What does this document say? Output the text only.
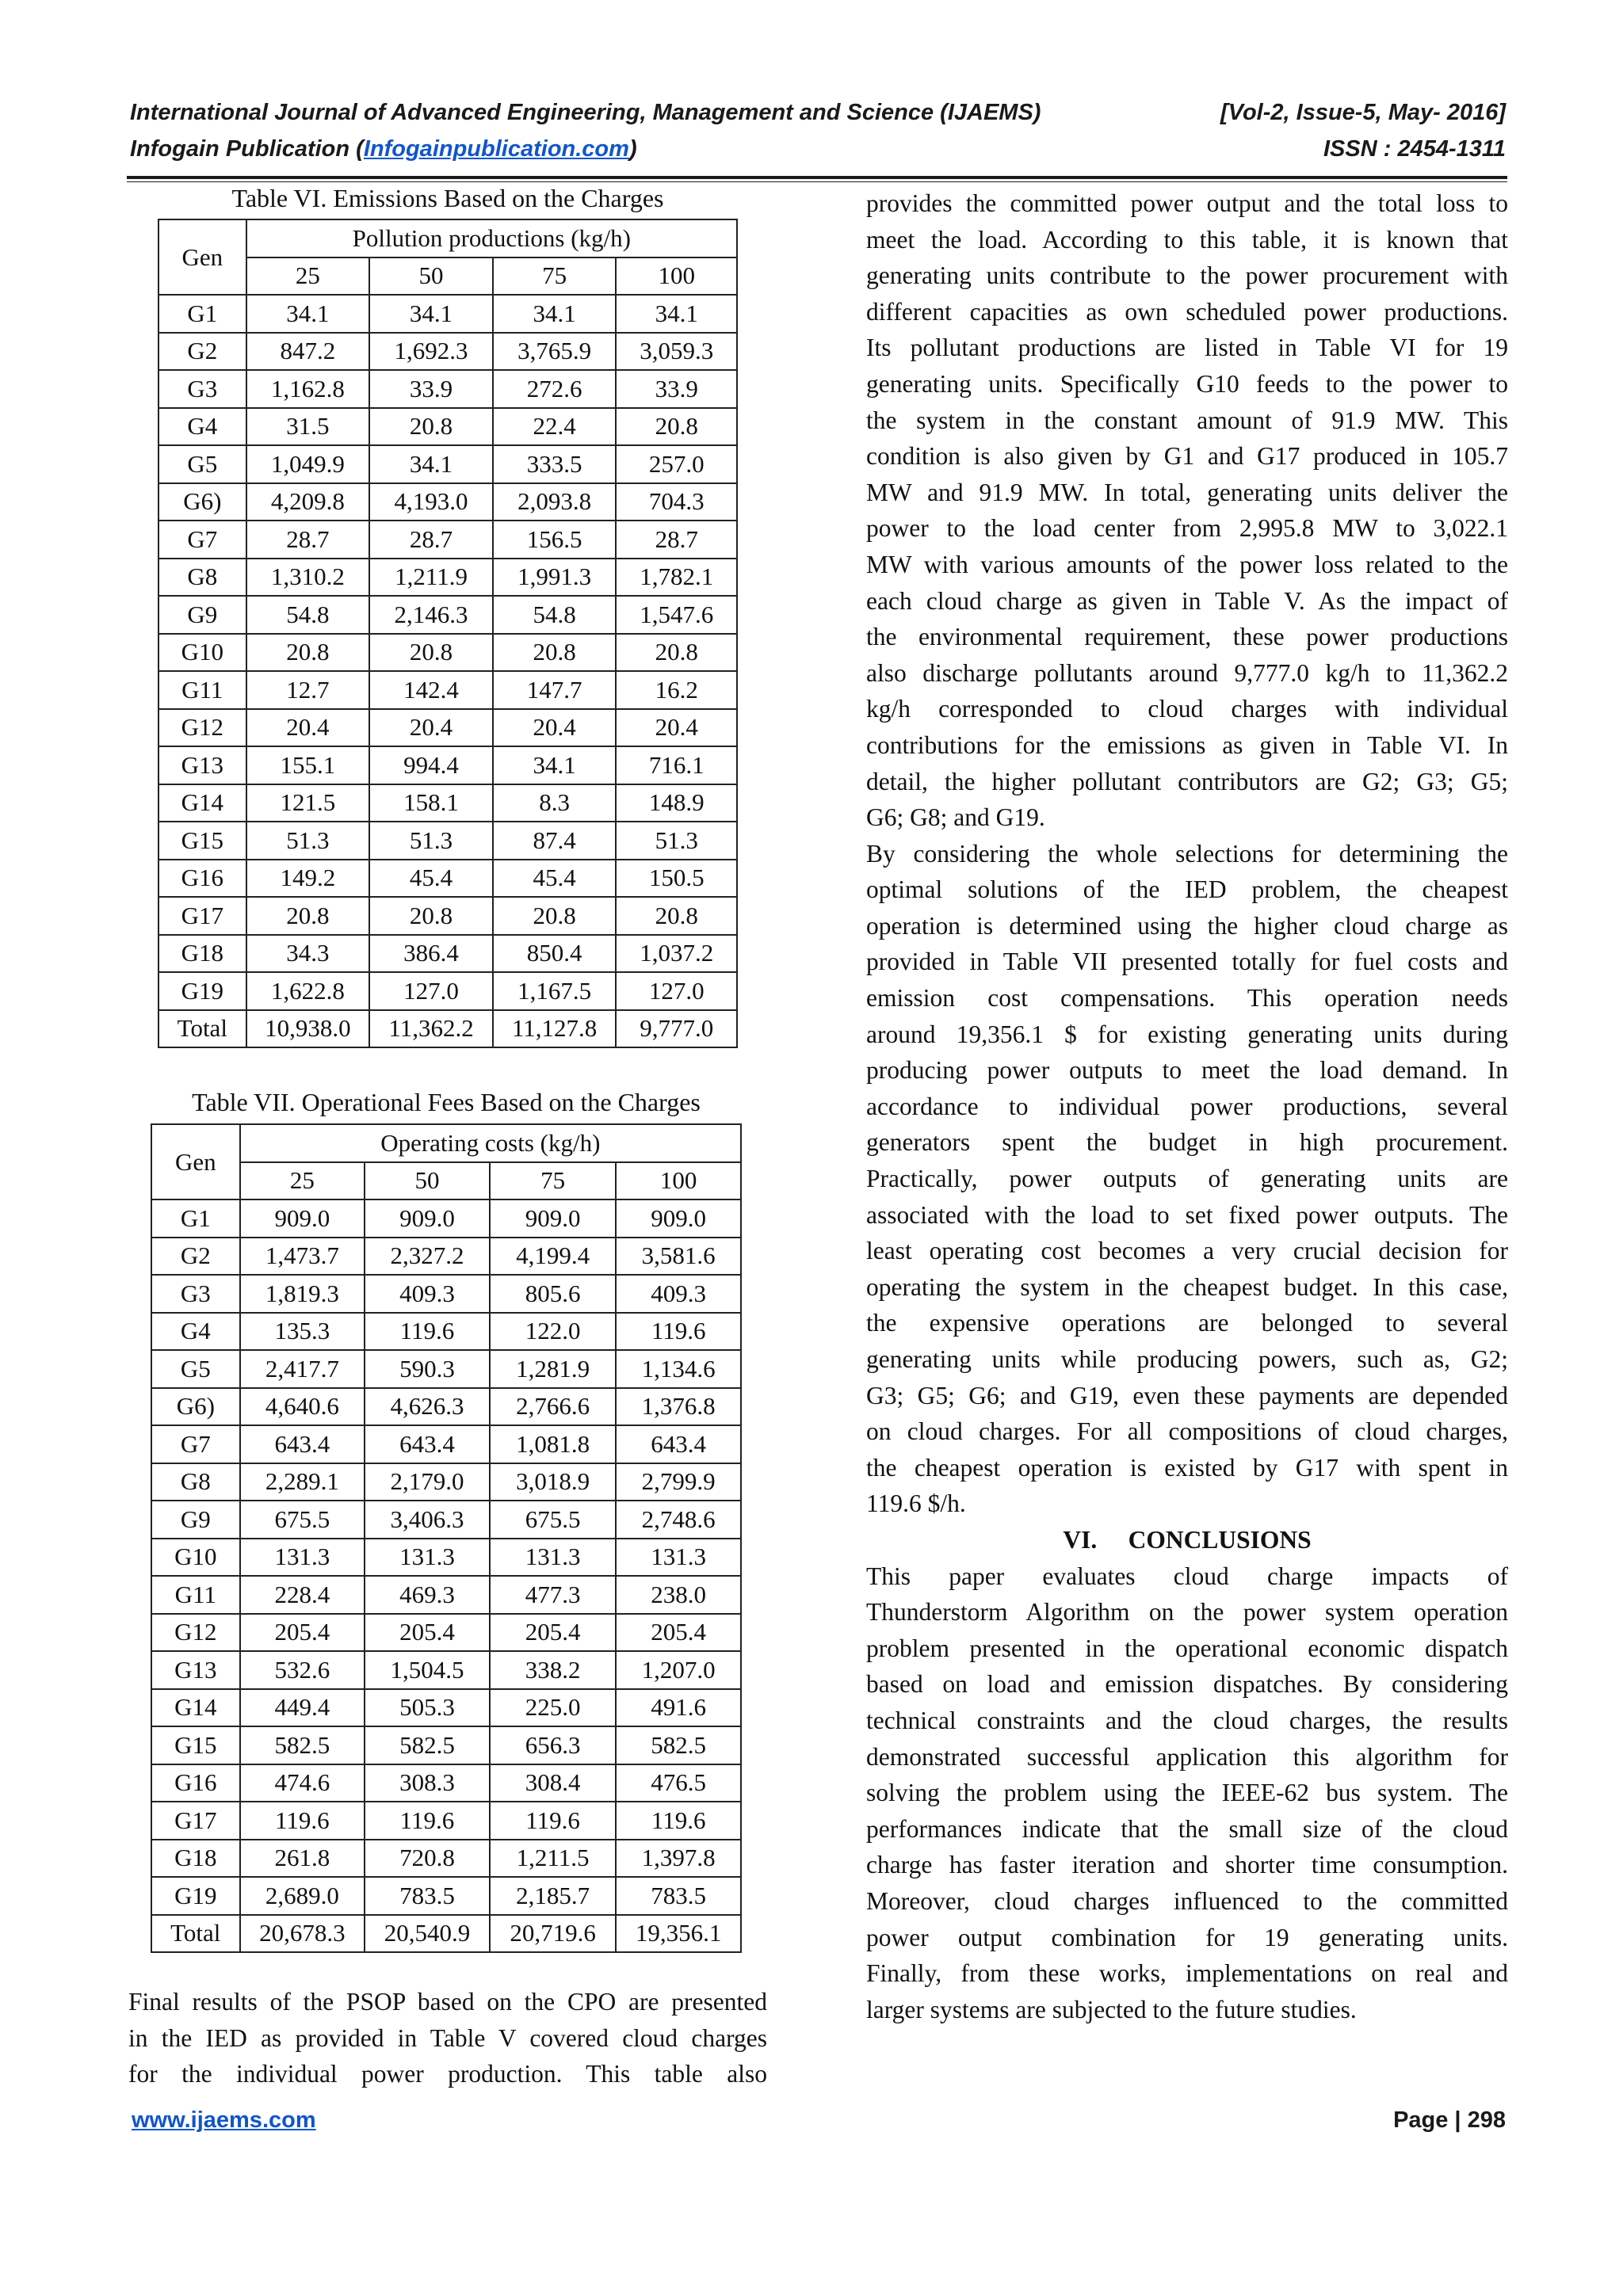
International Journal of Advanced Engineering, Management and Science (IJAEMS)	[Vol-2, Issue-5, May- 2016]
Infogain Publication (Infogainpublication.com)	ISSN : 2454-1311
Table VI. Emissions Based on the Charges
Gen	Pollution productions (kg/h)			
	25	50	75	100
G1	34.1	34.1	34.1	34.1
G2	847.2	1,692.3	3,765.9	3,059.3
G3	1,162.8	33.9	272.6	33.9
G4	31.5	20.8	22.4	20.8
G5	1,049.9	34.1	333.5	257.0
G6)	4,209.8	4,193.0	2,093.8	704.3
G7	28.7	28.7	156.5	28.7
G8	1,310.2	1,211.9	1,991.3	1,782.1
G9	54.8	2,146.3	54.8	1,547.6
G10	20.8	20.8	20.8	20.8
G11	12.7	142.4	147.7	16.2
G12	20.4	20.4	20.4	20.4
G13	155.1	994.4	34.1	716.1
G14	121.5	158.1	8.3	148.9
G15	51.3	51.3	87.4	51.3
G16	149.2	45.4	45.4	150.5
G17	20.8	20.8	20.8	20.8
G18	34.3	386.4	850.4	1,037.2
G19	1,622.8	127.0	1,167.5	127.0
Total	10,938.0	11,362.2	11,127.8	9,777.0
Table VII. Operational Fees Based on the Charges
Gen	Operating costs (kg/h)			
	25	50	75	100
G1	909.0	909.0	909.0	909.0
G2	1,473.7	2,327.2	4,199.4	3,581.6
G3	1,819.3	409.3	805.6	409.3
G4	135.3	119.6	122.0	119.6
G5	2,417.7	590.3	1,281.9	1,134.6
G6)	4,640.6	4,626.3	2,766.6	1,376.8
G7	643.4	643.4	1,081.8	643.4
G8	2,289.1	2,179.0	3,018.9	2,799.9
G9	675.5	3,406.3	675.5	2,748.6
G10	131.3	131.3	131.3	131.3
G11	228.4	469.3	477.3	238.0
G12	205.4	205.4	205.4	205.4
G13	532.6	1,504.5	338.2	1,207.0
G14	449.4	505.3	225.0	491.6
G15	582.5	582.5	656.3	582.5
G16	474.6	308.3	308.4	476.5
G17	119.6	119.6	119.6	119.6
G18	261.8	720.8	1,211.5	1,397.8
G19	2,689.0	783.5	2,185.7	783.5
Total	20,678.3	20,540.9	20,719.6	19,356.1
Final results of the PSOP based on the CPO are presented
in the IED as provided in Table V covered cloud charges
for the individual power production. This table also
provides the committed power output and the total loss to
meet the load. According to this table, it is known that
generating units contribute to the power procurement with
different capacities as own scheduled power productions.
Its pollutant productions are listed in Table VI for 19
generating units. Specifically G10 feeds to the power to
the system in the constant amount of 91.9 MW. This
condition is also given by G1 and G17 produced in 105.7
MW and 91.9 MW. In total, generating units deliver the
power to the load center from 2,995.8 MW to 3,022.1
MW with various amounts of the power loss related to the
each cloud charge as given in Table V. As the impact of
the environmental requirement, these power productions
also discharge pollutants around 9,777.0 kg/h to 11,362.2
kg/h corresponded to cloud charges with individual
contributions for the emissions as given in Table VI. In
detail, the higher pollutant contributors are G2; G3; G5;
G6; G8; and G19.
By considering the whole selections for determining the
optimal solutions of the IED problem, the cheapest
operation is determined using the higher cloud charge as
provided in Table VII presented totally for fuel costs and
emission cost compensations. This operation needs
around 19,356.1 $ for existing generating units during
producing power outputs to meet the load demand. In
accordance to individual power productions, several
generators spent the budget in high procurement.
Practically, power outputs of generating units are
associated with the load to set fixed power outputs. The
least operating cost becomes a very crucial decision for
operating the system in the cheapest budget. In this case,
the expensive operations are belonged to several
generating units while producing powers, such as, G2;
G3; G5; G6; and G19, even these payments are depended
on cloud charges. For all compositions of cloud charges,
the cheapest operation is existed by G17 with spent in
119.6 $/h.
VI.     CONCLUSIONS
This paper evaluates cloud charge impacts of
Thunderstorm Algorithm on the power system operation
problem presented in the operational economic dispatch
based on load and emission dispatches. By considering
technical constraints and the cloud charges, the results
demonstrated successful application this algorithm for
solving the problem using the IEEE-62 bus system. The
performances indicate that the small size of the cloud
charge has faster iteration and shorter time consumption.
Moreover, cloud charges influenced to the committed
power output combination for 19 generating units.
Finally, from these works, implementations on real and
larger systems are subjected to the future studies.
www.ijaems.com	Page | 298
